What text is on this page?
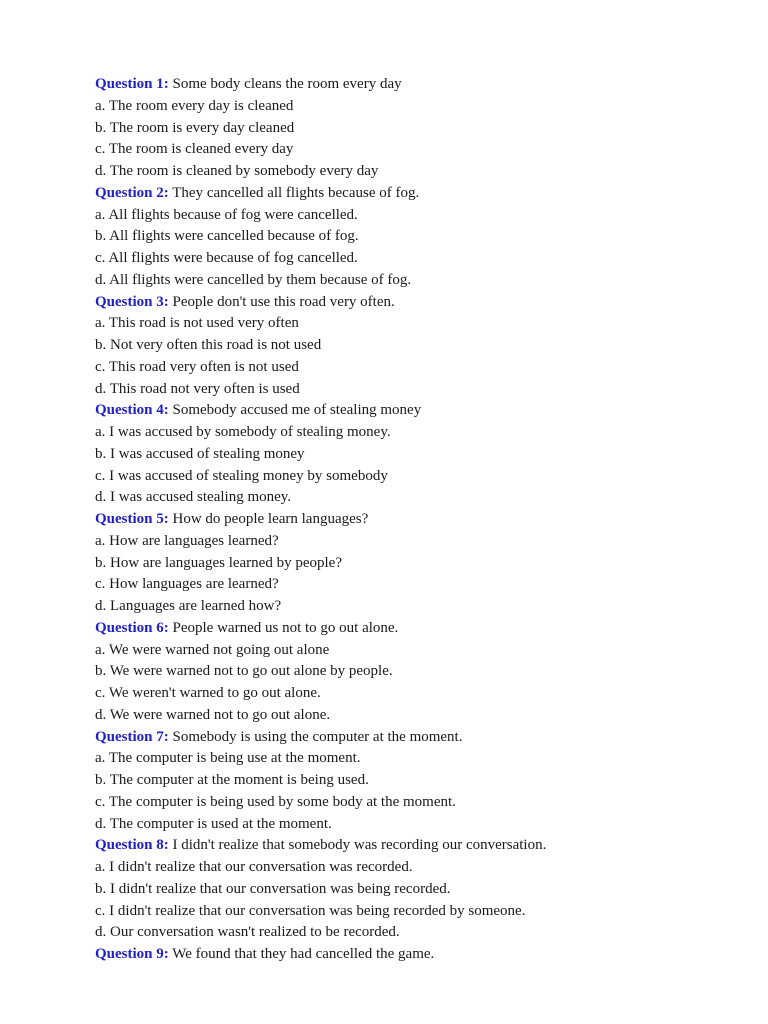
Question 1: Some body cleans the room every day
a. The room every day is cleaned
b. The room is every day cleaned
c. The room is cleaned every day
d. The room is cleaned by somebody every day
Question 2: They cancelled all flights because of fog.
a. All flights because of fog were cancelled.
b. All flights were cancelled because of fog.
c. All flights were because of fog cancelled.
d. All flights were cancelled by them because of fog.
Question 3: People don't use this road very often.
a. This road is not used very often
b. Not very often this road is not used
c. This road very often is not used
d. This road not very often is used
Question 4: Somebody accused me of stealing money
a. I was accused by somebody of stealing money.
b. I was accused of stealing money
c. I was accused of stealing money by somebody
d. I was accused stealing money.
Question 5: How do people learn languages?
a. How are languages learned?
b. How are languages learned by people?
c. How languages are learned?
d. Languages are learned how?
Question 6: People warned us not to go out alone.
a. We were warned not going out alone
b. We were warned not to go out alone by people.
c. We weren't warned to go out alone.
d. We were warned not to go out alone.
Question 7: Somebody is using the computer at the moment.
a. The computer is being use at the moment.
b. The computer at the moment is being used.
c. The computer is being used by some body at the moment.
d. The computer is used at the moment.
Question 8: I didn't realize that somebody was recording our conversation.
a. I didn't realize that our conversation was recorded.
b. I didn't realize that our conversation was being recorded.
c. I didn't realize that our conversation was being recorded by someone.
d. Our conversation wasn't realized to be recorded.
Question 9: We found that they had cancelled the game.
